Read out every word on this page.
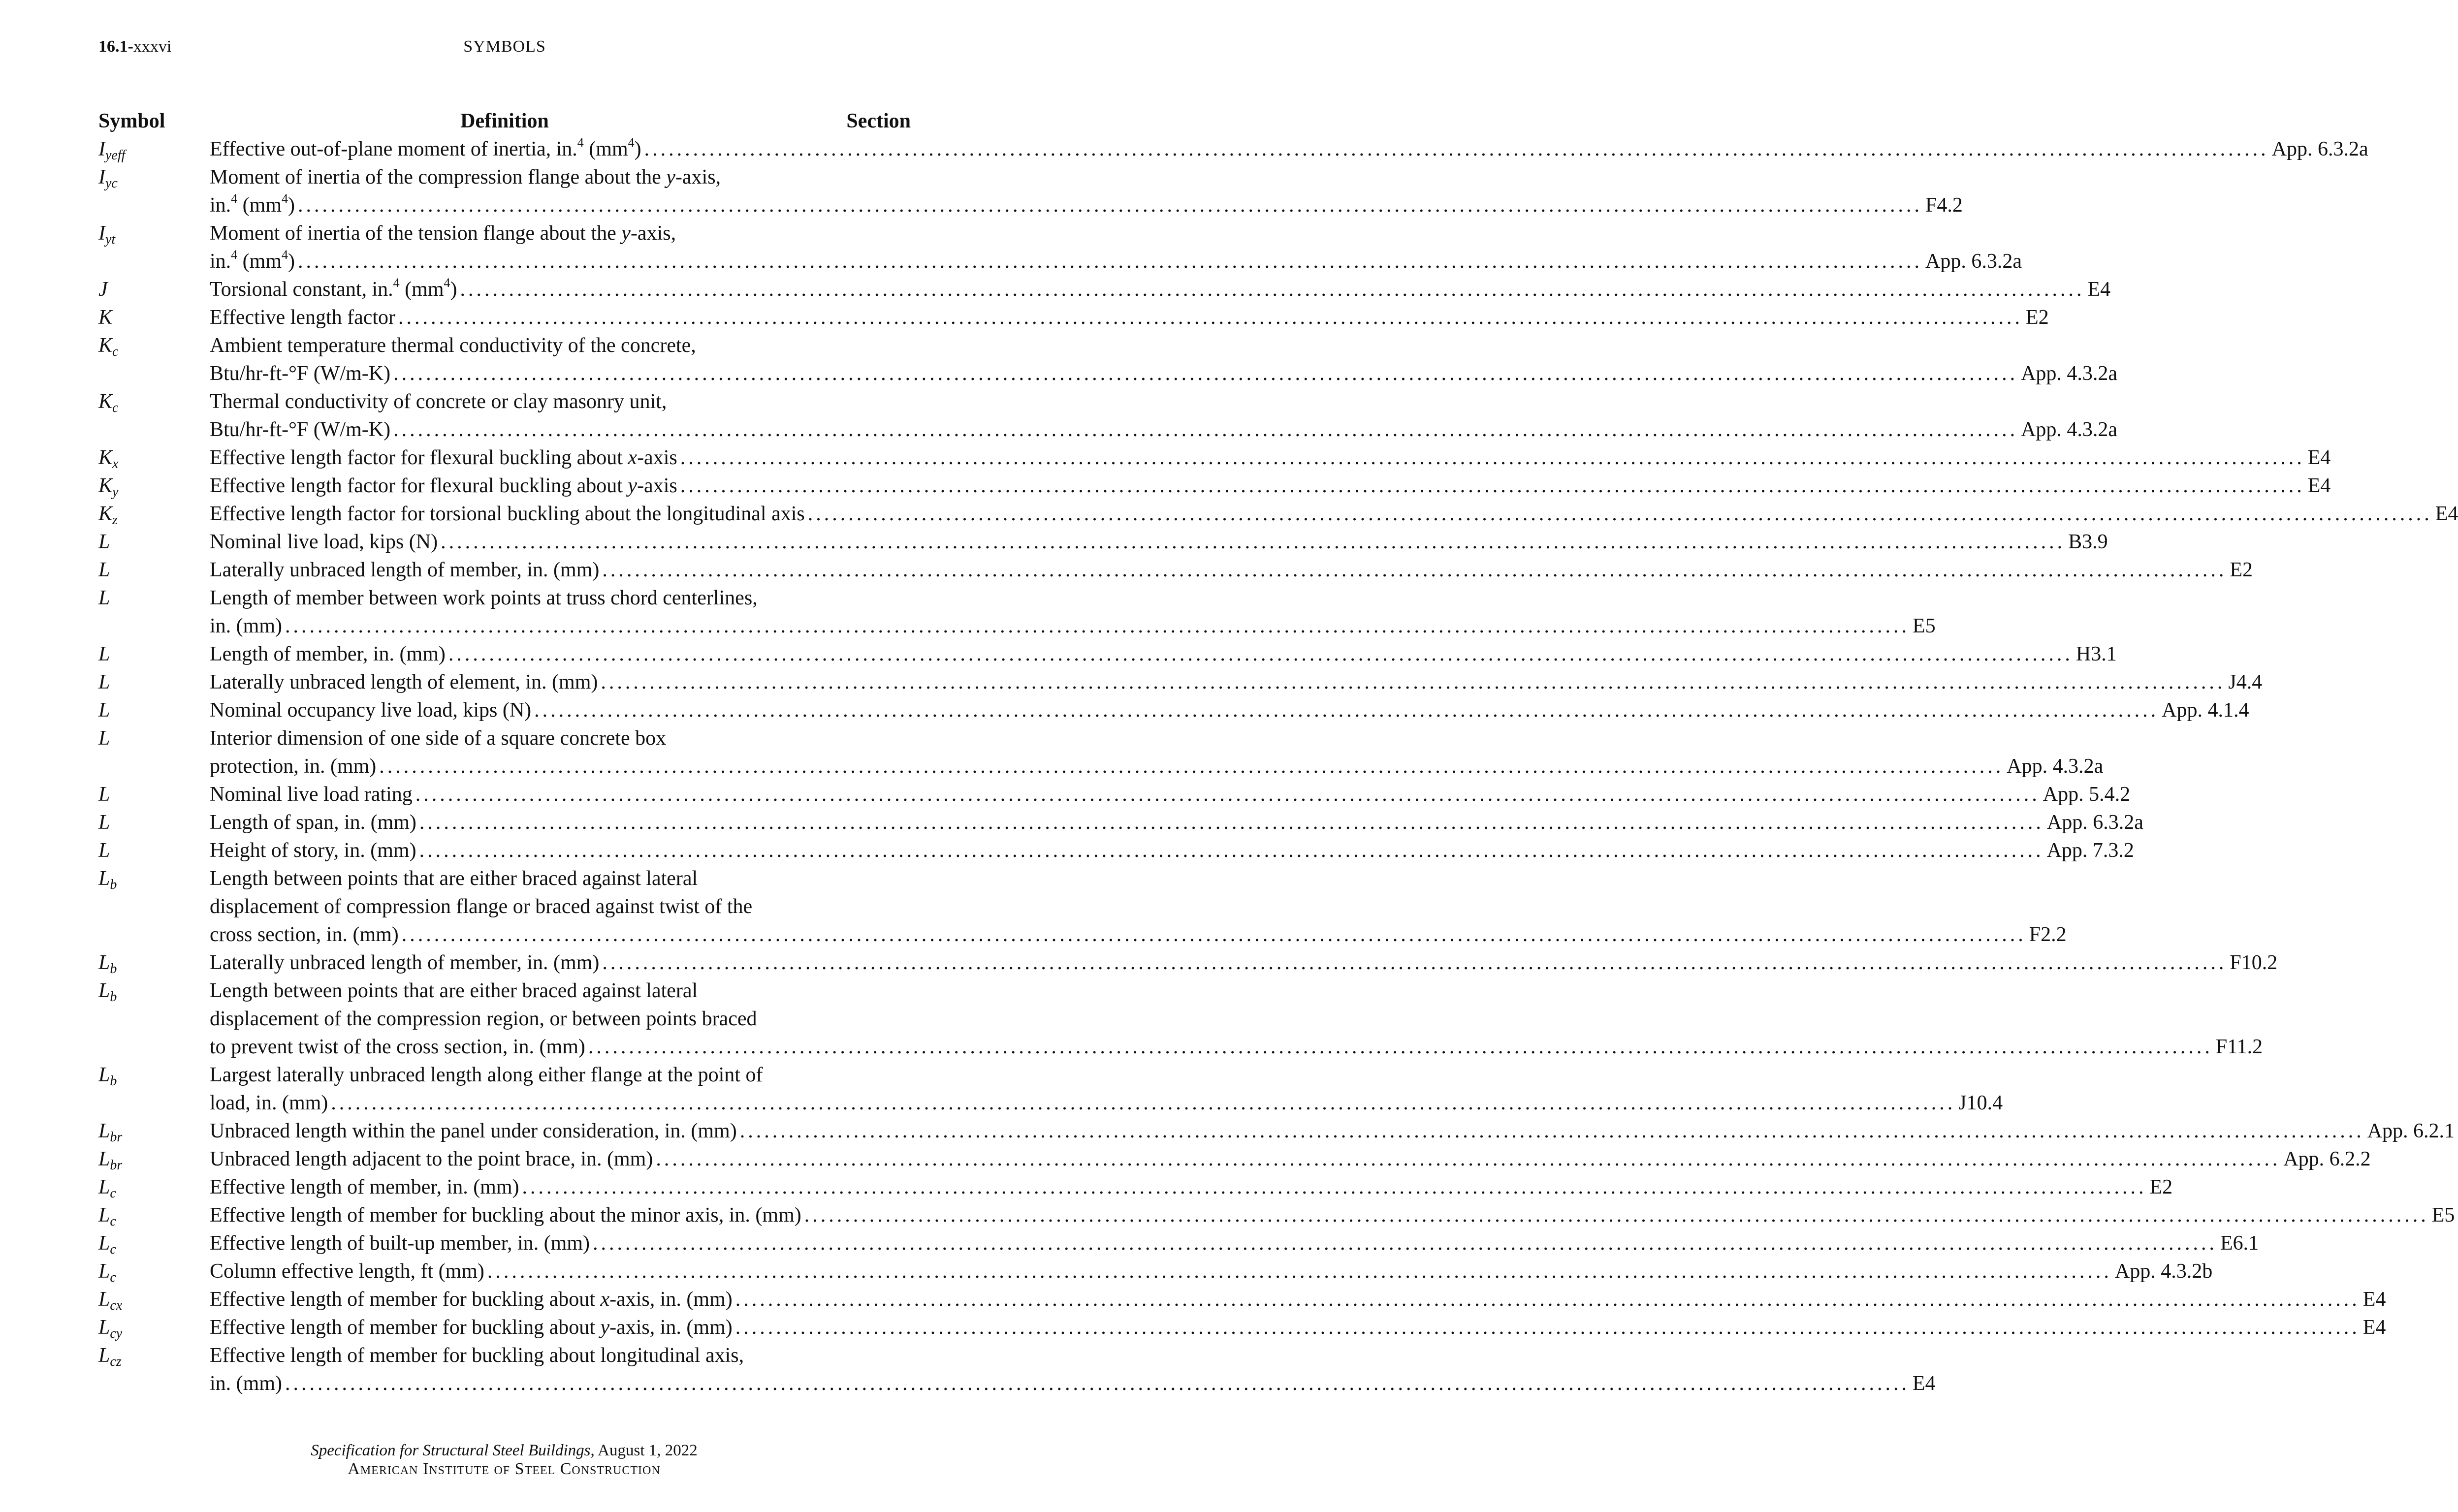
16.1-xxxvi	SYMBOLS
Symbol	Definition	Section
$I_{yeff}$	Effective out-of-plane moment of inertia, in.$^4$ $(mm^4)$ ........................................................................................................................................................................................................ App. 6.3.2a
$I_{yc}$	Moment of inertia of the compression flange about the y-axis,
in.$^4$ $(mm^4)$ ........................................................................................................................................................................................................ F4.2
$I_{yt}$	Moment of inertia of the tension flange about the y-axis,
in.$^4$ $(mm^4)$ ........................................................................................................................................................................................................ App. 6.3.2a
J	Torsional constant, in.$^4$ $(mm^4)$ ........................................................................................................................................................................................................ E4
K	Effective length factor ........................................................................................................................................................................................................ E2
$K_c$	Ambient temperature thermal conductivity of the concrete,
Btu/hr-ft-°F (W/m-K) ........................................................................................................................................................................................................ App. 4.3.2a
$K_c$	Thermal conductivity of concrete or clay masonry unit,
Btu/hr-ft-°F (W/m-K) ........................................................................................................................................................................................................ App. 4.3.2a
$K_x$	Effective length factor for flexural buckling about x-axis ........................................................................................................................................................................................................ E4
$K_y$	Effective length factor for flexural buckling about y-axis ........................................................................................................................................................................................................ E4
$K_z$	Effective length factor for torsional buckling about the longitudinal axis ........................................................................................................................................................................................................ E4
L	Nominal live load, kips (N) ........................................................................................................................................................................................................ B3.9
L	Laterally unbraced length of member, in. (mm) ........................................................................................................................................................................................................ E2
L	Length of member between work points at truss chord centerlines,
in. (mm) ........................................................................................................................................................................................................ E5
L	Length of member, in. (mm) ........................................................................................................................................................................................................ H3.1
L	Laterally unbraced length of element, in. (mm) ........................................................................................................................................................................................................ J4.4
L	Nominal occupancy live load, kips (N) ........................................................................................................................................................................................................ App. 4.1.4
L	Interior dimension of one side of a square concrete box
protection, in. (mm) ........................................................................................................................................................................................................ App. 4.3.2a
L	Nominal live load rating ........................................................................................................................................................................................................ App. 5.4.2
L	Length of span, in. (mm) ........................................................................................................................................................................................................ App. 6.3.2a
L	Height of story, in. (mm) ........................................................................................................................................................................................................ App. 7.3.2
$L_b$	Length between points that are either braced against lateral
displacement of compression flange or braced against twist of the
cross section, in. (mm) ........................................................................................................................................................................................................ F2.2
$L_b$	Laterally unbraced length of member, in. (mm) ........................................................................................................................................................................................................ F10.2
$L_b$	Length between points that are either braced against lateral
displacement of the compression region, or between points braced
to prevent twist of the cross section, in. (mm) ........................................................................................................................................................................................................ F11.2
$L_b$	Largest laterally unbraced length along either flange at the point of
load, in. (mm) ........................................................................................................................................................................................................ J10.4
$L_{br}$	Unbraced length within the panel under consideration, in. (mm) ........................................................................................................................................................................................................ App. 6.2.1
$L_{br}$	Unbraced length adjacent to the point brace, in. (mm) ........................................................................................................................................................................................................ App. 6.2.2
$L_c$	Effective length of member, in. (mm) ........................................................................................................................................................................................................ E2
$L_c$	Effective length of member for buckling about the minor axis, in. (mm) ........................................................................................................................................................................................................ E5
$L_c$	Effective length of built-up member, in. (mm) ........................................................................................................................................................................................................ E6.1
$L_c$	Column effective length, ft (mm) ........................................................................................................................................................................................................ App. 4.3.2b
$L_{cx}$	Effective length of member for buckling about x-axis, in. (mm) ........................................................................................................................................................................................................ E4
$L_{cy}$	Effective length of member for buckling about y-axis, in. (mm) ........................................................................................................................................................................................................ E4
$L_{cz}$	Effective length of member for buckling about longitudinal axis,
in. (mm) ........................................................................................................................................................................................................ E4
Specification for Structural Steel Buildings, August 1, 2022
American Institute of Steel Construction
